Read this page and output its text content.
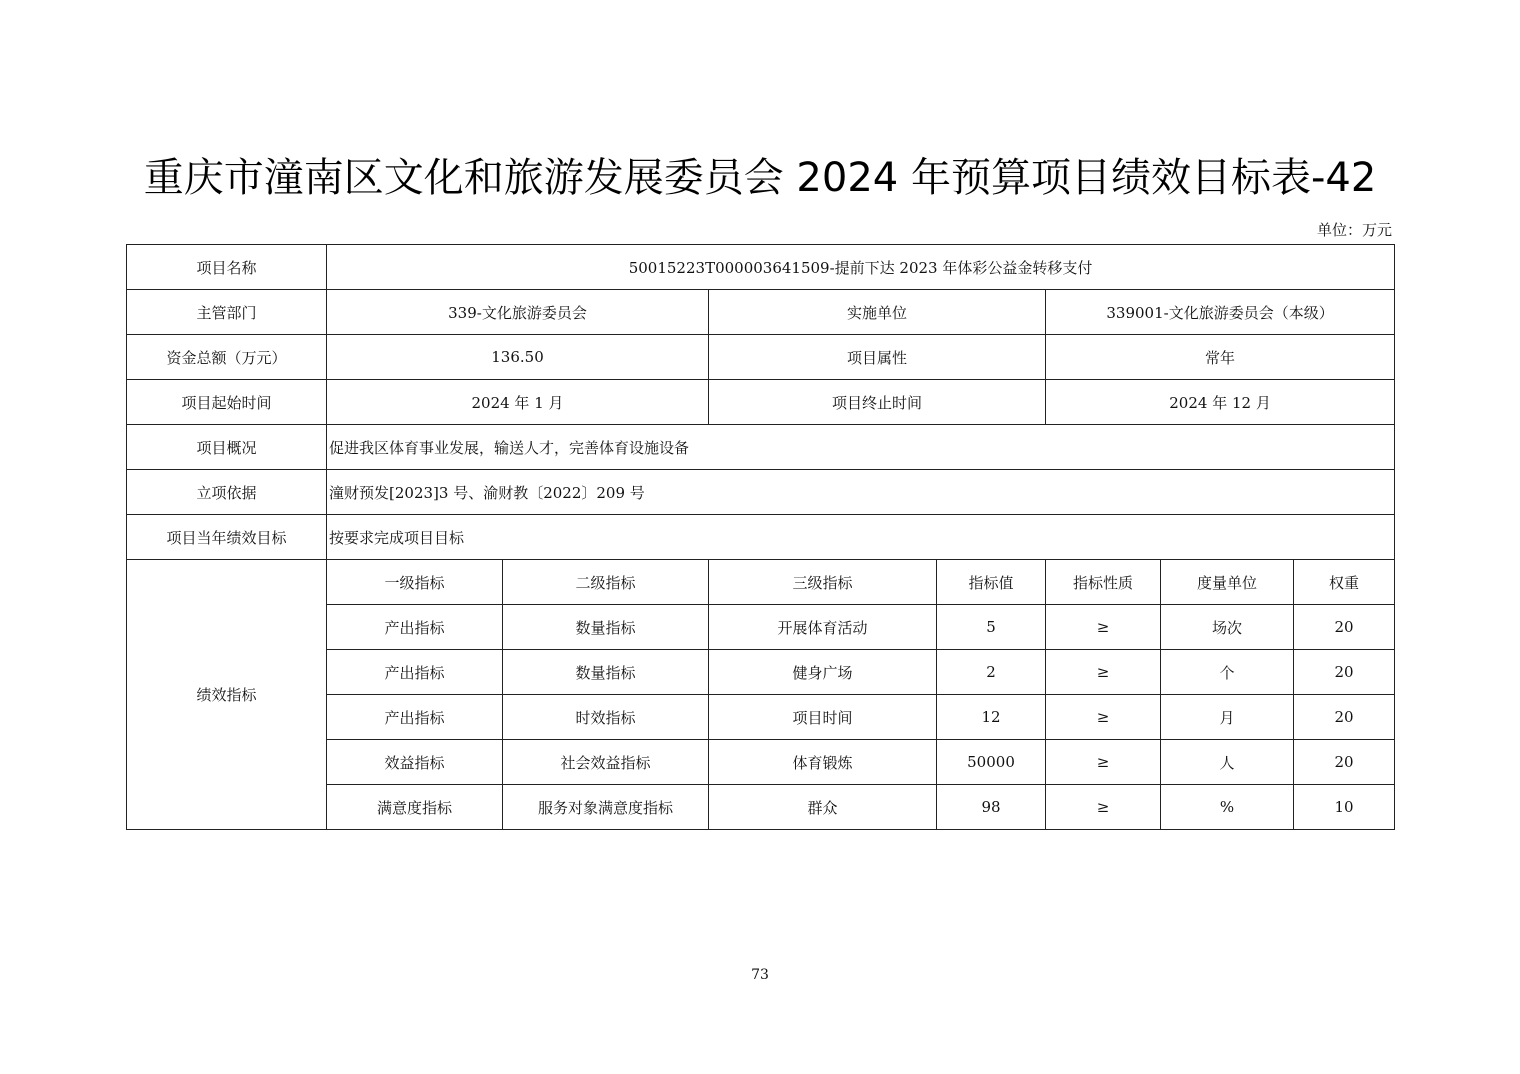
重庆市潼南区文化和旅游发展委员会 2024 年预算项目绩效目标表-42
单位：万元
项目名称	50015223T000003641509-提前下达 2023 年体彩公益金转移支付						
主管部门	339-文化旅游委员会		实施单位		339001-文化旅游委员会（本级）		
资金总额（万元）	136.50		项目属性		常年		
项目起始时间	2024 年 1 月		项目终止时间		2024 年 12 月		
项目概况	促进我区体育事业发展，输送人才，完善体育设施设备						
立项依据	潼财预发[2023]3 号、渝财教〔2022〕209 号						
项目当年绩效目标	按要求完成项目目标						
绩效指标	一级指标	二级指标	三级指标	指标值	指标性质	度量单位	权重
	产出指标	数量指标	开展体育活动	5	≥	场次	20
	产出指标	数量指标	健身广场	2	≥	个	20
	产出指标	时效指标	项目时间	12	≥	月	20
	效益指标	社会效益指标	体育锻炼	50000	≥	人	20
	满意度指标	服务对象满意度指标	群众	98	≥	%	10
73
